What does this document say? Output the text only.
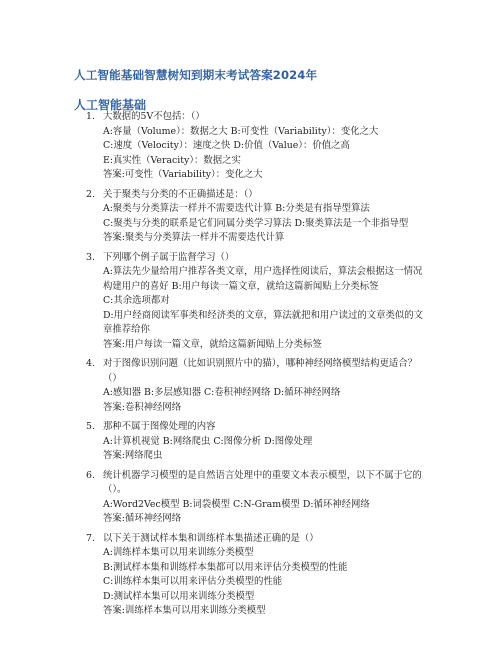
人工智能基础智慧树知到期末考试答案2024年
人工智能基础
1. 大数据的5V不包括：（）
A:容量（Volume）：数据之大 B:可变性（Variability）：变化之大
C:速度（Velocity）：速度之快 D:价值（Value）：价值之高
E:真实性（Veracity）：数据之实
答案:可变性（Variability）：变化之大
2. 关于聚类与分类的不正确描述是：（）
A:聚类与分类算法一样并不需要迭代计算 B:分类是有指导型算法
C:聚类与分类的联系是它们同属分类学习算法 D:聚类算法是一个非指导型
答案:聚类与分类算法一样并不需要迭代计算
3. 下列哪个例子属于监督学习（）
A:算法先少量给用户推荐各类文章，用户选择性阅读后，算法会根据这一情况构建用户的喜好 B:用户每读一篇文章，就给这篇新闻贴上分类标签
C:其余选项都对
D:用户经商阅读军事类和经济类的文章，算法就把和用户读过的文章类似的文章推荐给你
答案:用户每读一篇文章，就给这篇新闻贴上分类标签
4. 对于图像识别问题（比如识别照片中的猫），哪种神经网络模型结构更适合？（）
A:感知器 B:多层感知器 C:卷积神经网络 D:循环神经网络
答案:卷积神经网络
5. 那种不属于图像处理的内容
A:计算机视觉 B:网络爬虫 C:图像分析 D:图像处理
答案:网络爬虫
6. 统计机器学习模型的是自然语言处理中的重要文本表示模型，以下不属于它的（）。
A:Word2Vec模型 B:词袋模型 C:N-Gram模型 D:循环神经网络
答案:循环神经网络
7. 以下关于测试样本集和训练样本集描述正确的是（）
A:训练样本集可以用来训练分类模型
B:测试样本集和训练样本集都可以用来评估分类模型的性能
C:训练样本集可以用来评估分类模型的性能
D:测试样本集可以用来训练分类模型
答案:训练样本集可以用来训练分类模型
